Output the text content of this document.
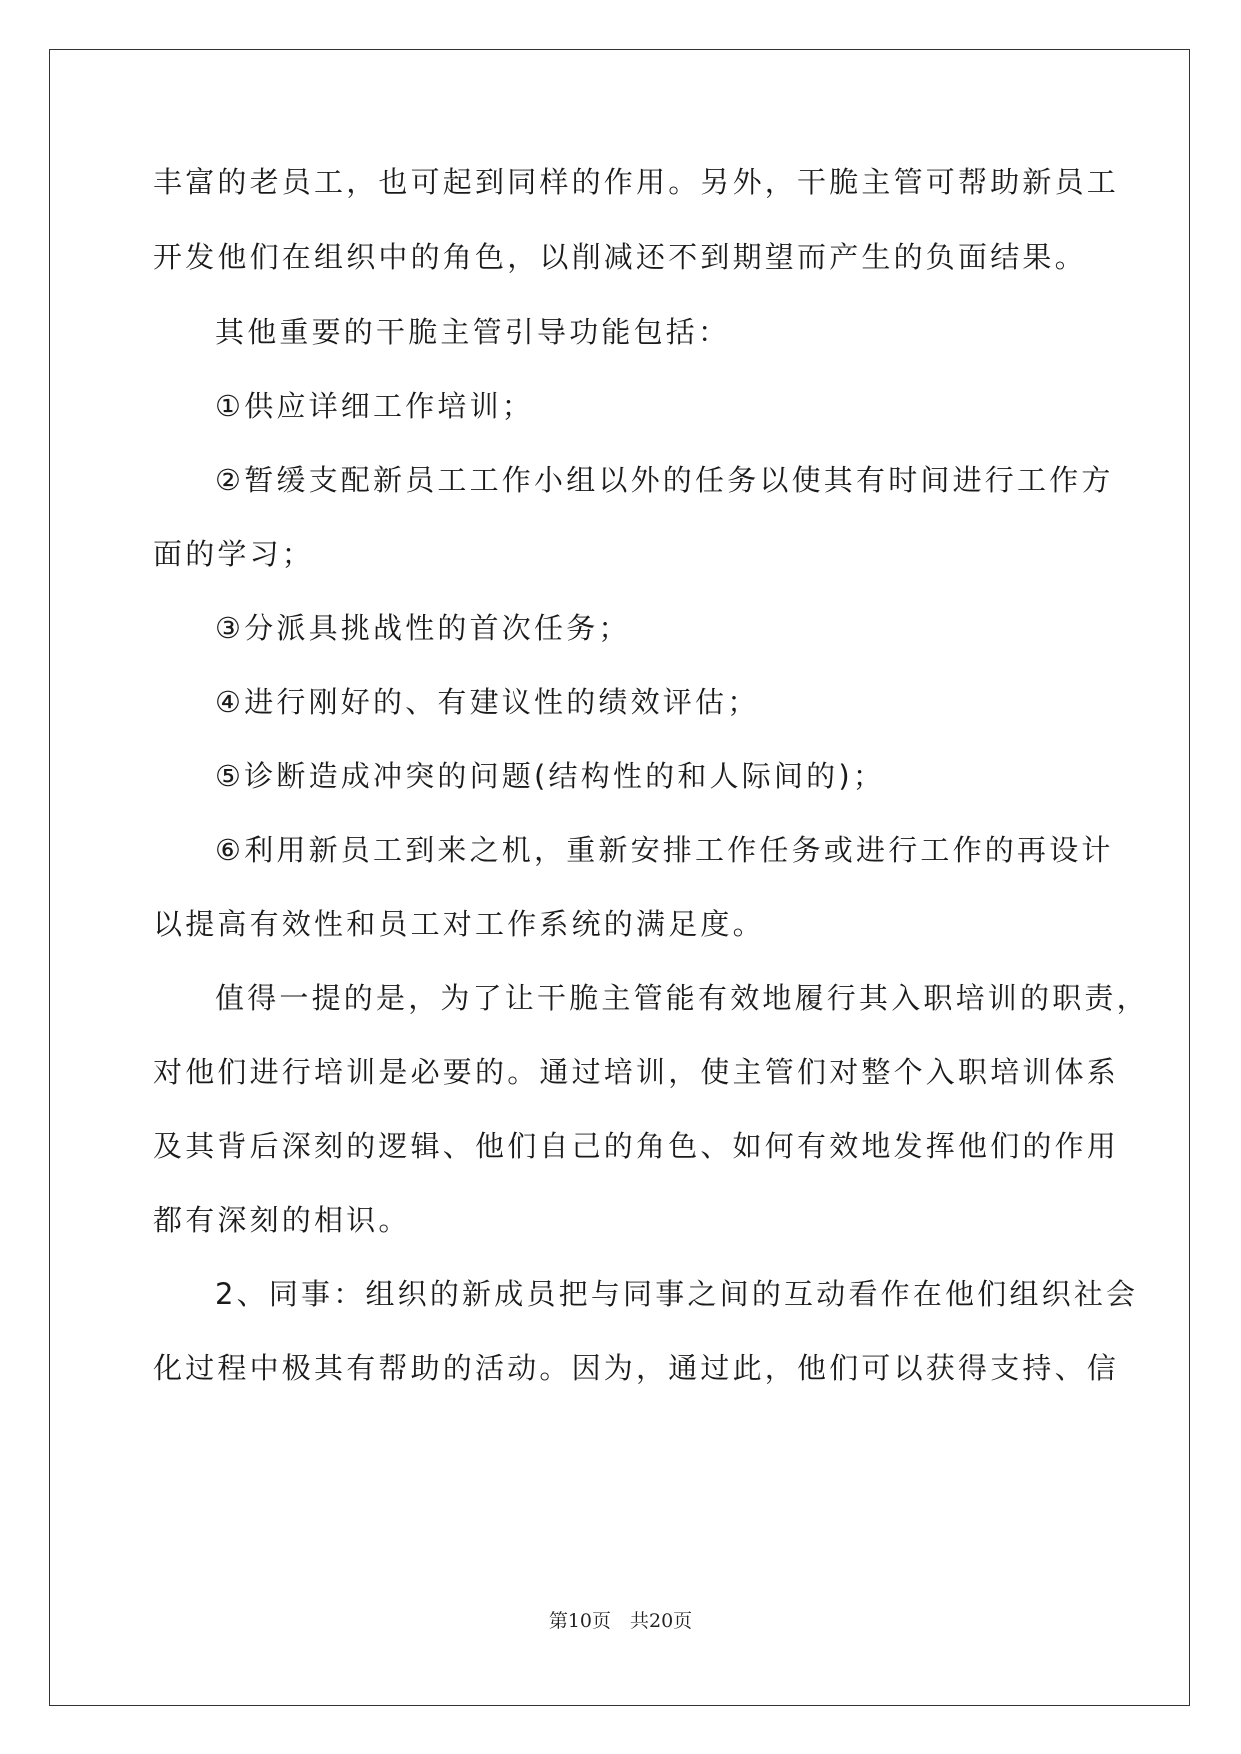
丰富的老员工，也可起到同样的作用。另外，干脆主管可帮助新员工
开发他们在组织中的角色，以削减还不到期望而产生的负面结果。
其他重要的干脆主管引导功能包括：
①供应详细工作培训；
②暂缓支配新员工工作小组以外的任务以使其有时间进行工作方
面的学习；
③分派具挑战性的首次任务；
④进行刚好的、有建议性的绩效评估；
⑤诊断造成冲突的问题(结构性的和人际间的)；
⑥利用新员工到来之机，重新安排工作任务或进行工作的再设计
以提高有效性和员工对工作系统的满足度。
值得一提的是，为了让干脆主管能有效地履行其入职培训的职责，
对他们进行培训是必要的。通过培训，使主管们对整个入职培训体系
及其背后深刻的逻辑、他们自己的角色、如何有效地发挥他们的作用
都有深刻的相识。
2、同事：组织的新成员把与同事之间的互动看作在他们组织社会
化过程中极其有帮助的活动。因为，通过此，他们可以获得支持、信
第10页　共20页
